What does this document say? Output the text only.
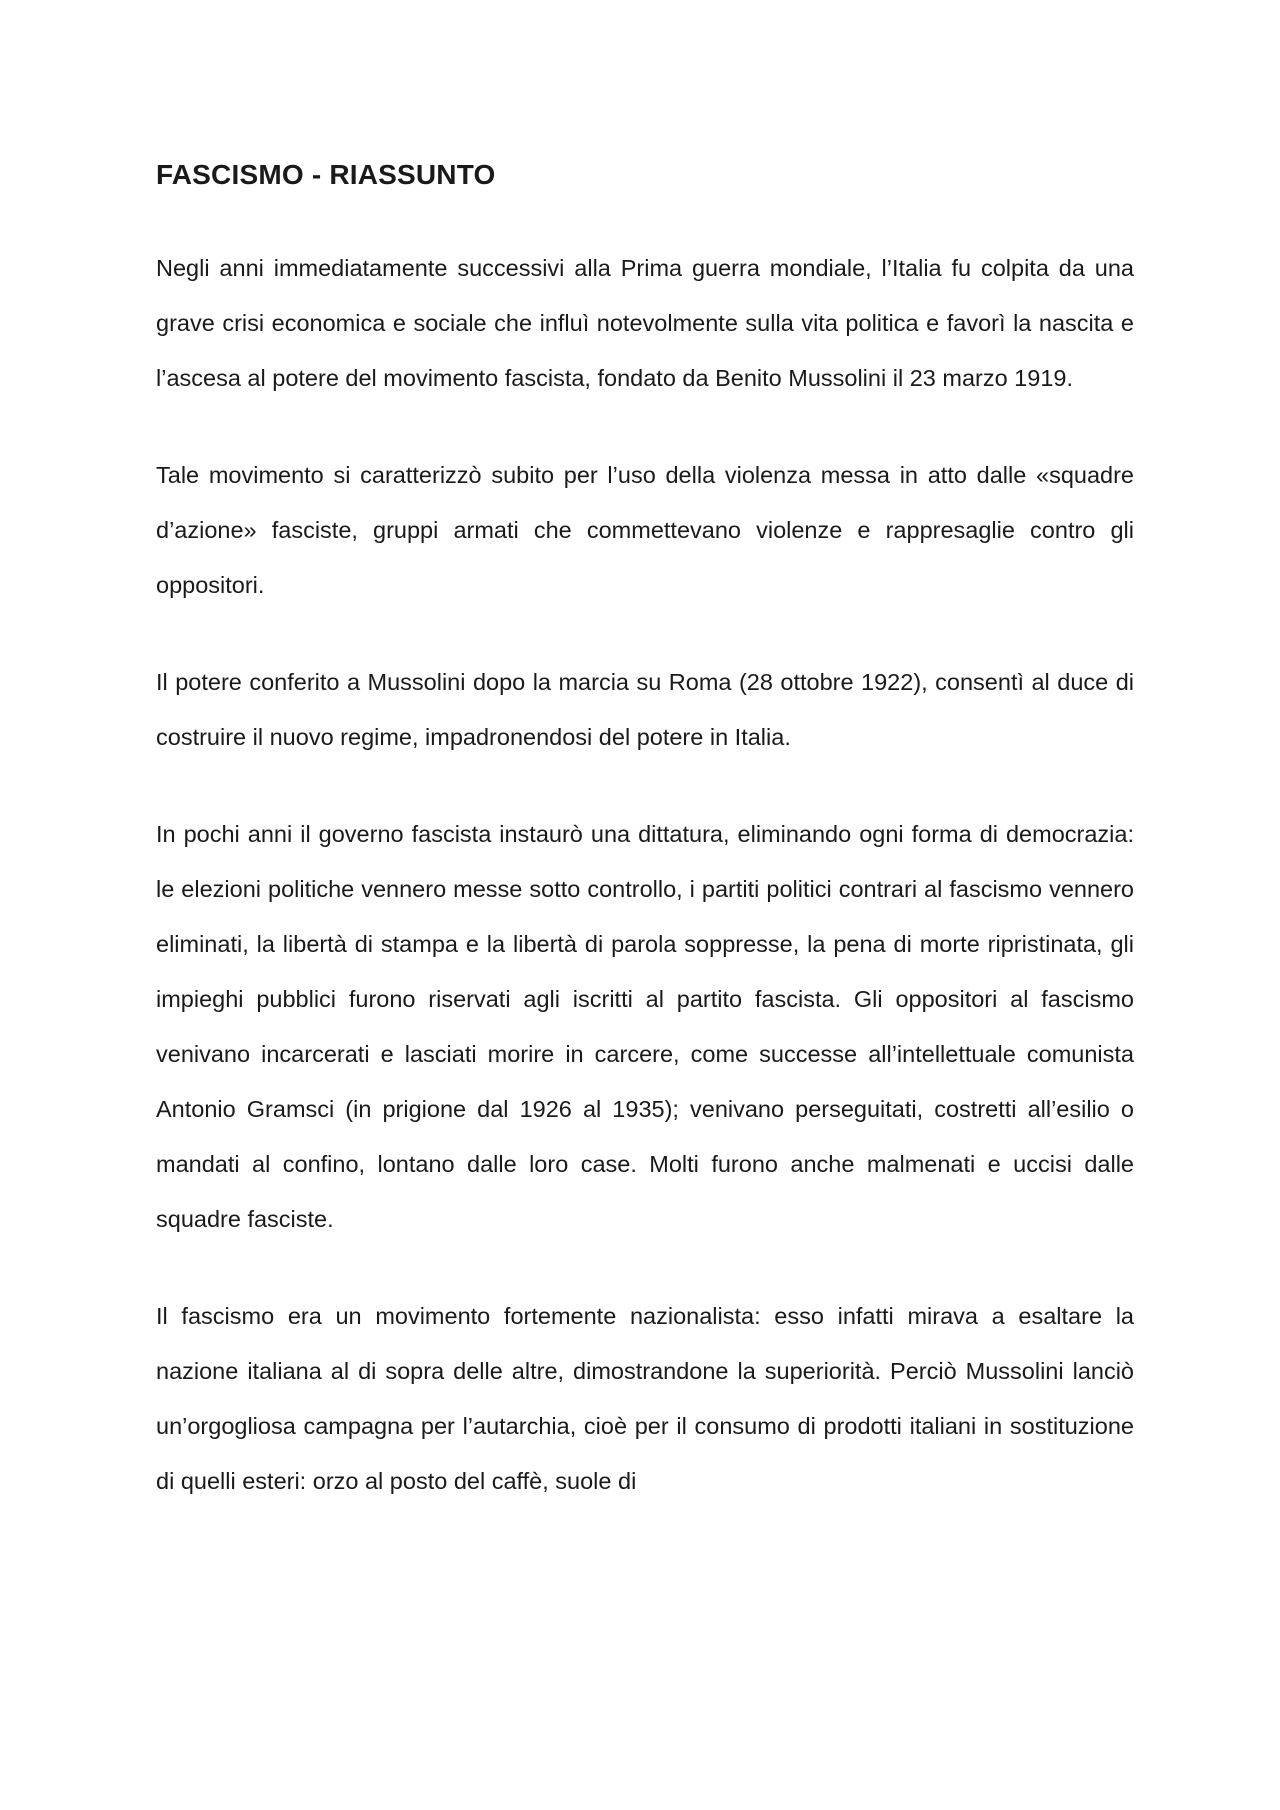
FASCISMO - RIASSUNTO

Negli anni immediatamente successivi alla Prima guerra mondiale, l’Italia fu colpita da una grave crisi economica e sociale che influì notevolmente sulla vita politica e favorì la nascita e l’ascesa al potere del movimento fascista, fondato da Benito Mussolini il 23 marzo 1919.

Tale movimento si caratterizzò subito per l’uso della violenza messa in atto dalle «squadre d’azione» fasciste, gruppi armati che commettevano violenze e rappresaglie contro gli oppositori.

Il potere conferito a Mussolini dopo la marcia su Roma (28 ottobre 1922), consentì al duce di costruire il nuovo regime, impadronendosi del potere in Italia.

In pochi anni il governo fascista instaurò una dittatura, eliminando ogni forma di democrazia: le elezioni politiche vennero messe sotto controllo, i partiti politici contrari al fascismo vennero eliminati, la libertà di stampa e la libertà di parola soppresse, la pena di morte ripristinata, gli impieghi pubblici furono riservati agli iscritti al partito fascista. Gli oppositori al fascismo venivano incarcerati e lasciati morire in carcere, come successe all’intellettuale comunista Antonio Gramsci (in prigione dal 1926 al 1935); venivano perseguitati, costretti all’esilio o mandati al confino, lontano dalle loro case. Molti furono anche malmenati e uccisi dalle squadre fasciste.

Il fascismo era un movimento fortemente nazionalista: esso infatti mirava a esaltare la nazione italiana al di sopra delle altre, dimostrandone la superiorità. Perciò Mussolini lanciò un’orgogliosa campagna per l’autarchia, cioè per il consumo di prodotti italiani in sostituzione di quelli esteri: orzo al posto del caffè, suole di
